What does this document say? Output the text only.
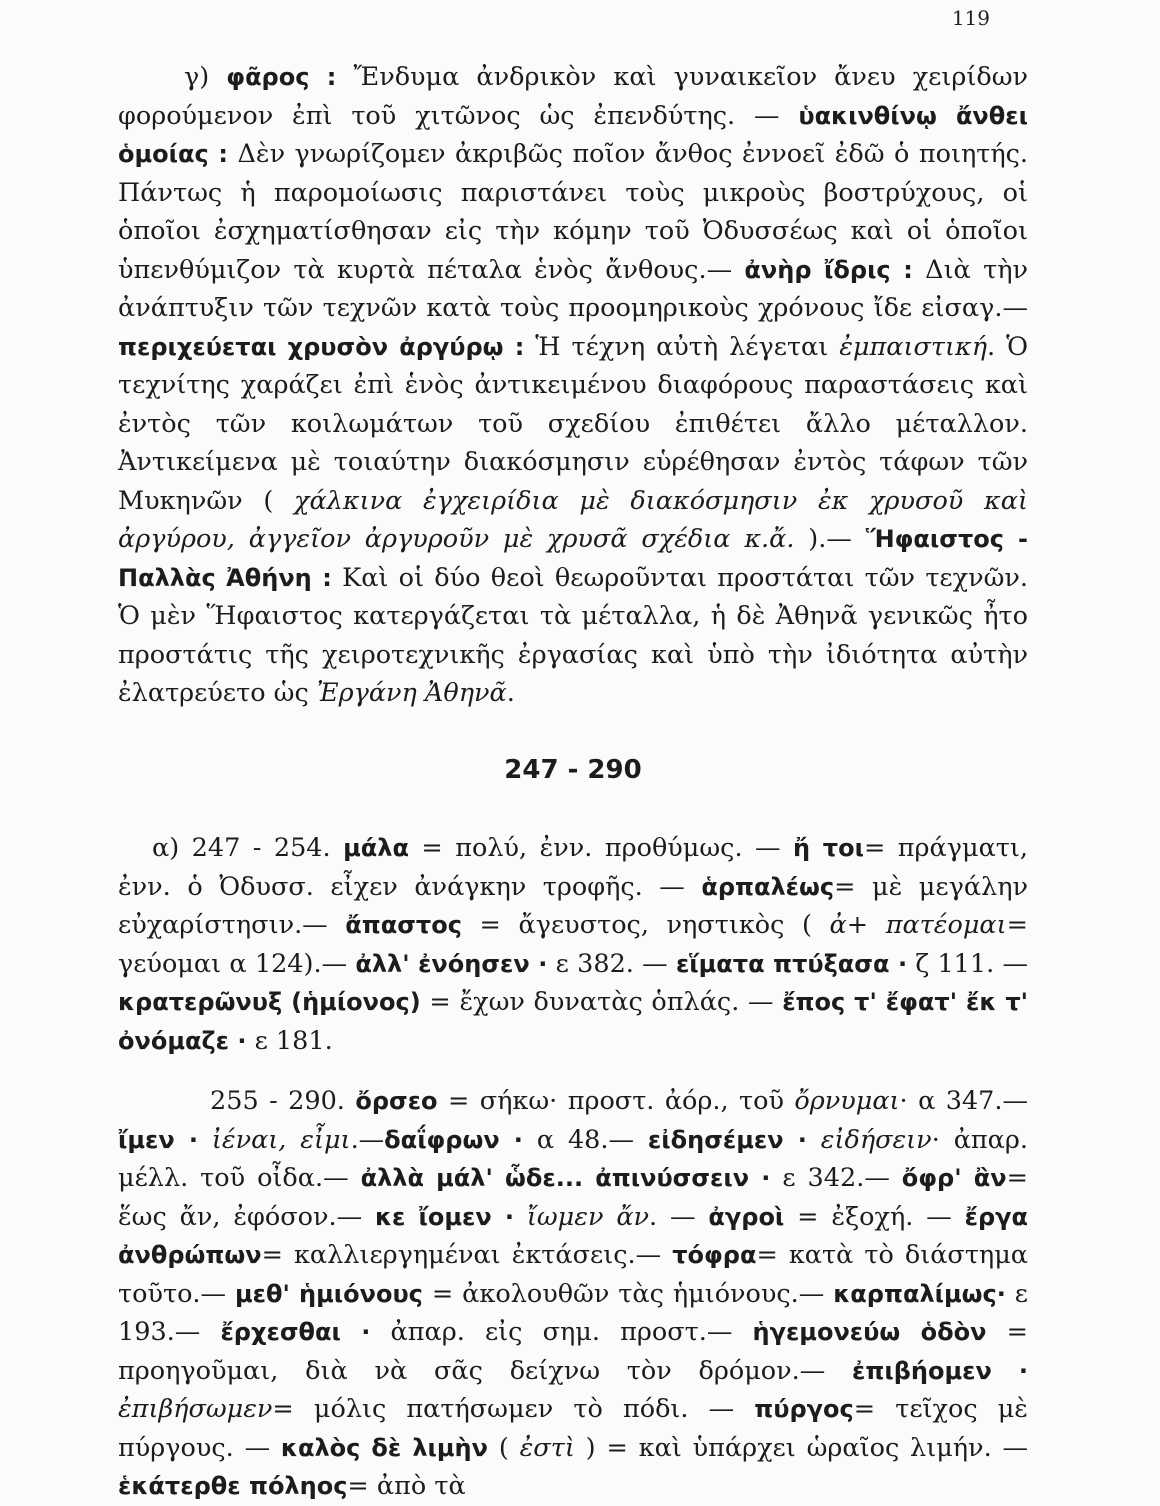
119

γ) φᾶρος : Ἔνδυμα ἀνδρικὸν καὶ γυναικεῖον ἄνευ χειρίδων φορούμενον ἐπὶ τοῦ χιτῶνος ὡς ἐπενδύτης. — ὑακινθίνῳ ἄνθει ὁμοίας : Δὲν γνωρίζομεν ἀκριβῶς ποῖον ἄνθος ἐννοεῖ ἐδῶ ὁ ποιητής. Πάντως ἡ παρομοίωσις παριστάνει τοὺς μικροὺς βοστρύχους, οἱ ὁποῖοι ἐσχηματίσθησαν εἰς τὴν κόμην τοῦ Ὀδυσσέως καὶ οἱ ὁποῖοι ὑπενθύμιζον τὰ κυρτὰ πέταλα ἑνὸς ἄνθους.— ἀνὴρ ἴδρις : Διὰ τὴν ἀνάπτυξιν τῶν τεχνῶν κατὰ τοὺς προομηρικοὺς χρόνους ἴδε εἰσαγ.—περιχεύεται χρυσὸν ἀργύρῳ : Ἡ τέχνη αὐτὴ λέγεται ἐμπαιστική. Ὁ τεχνίτης χαράζει ἐπὶ ἑνὸς ἀντικειμένου διαφόρους παραστάσεις καὶ ἐντὸς τῶν κοιλωμάτων τοῦ σχεδίου ἐπιθέτει ἄλλο μέταλλον. Ἀντικείμενα μὲ τοιαύτην διακόσμησιν εὑρέθησαν ἐντὸς τάφων τῶν Μυκηνῶν ( χάλκινα ἐγχειρίδια μὲ διακόσμησιν ἐκ χρυσοῦ καὶ ἀργύρου, ἀγγεῖον ἀργυροῦν μὲ χρυσᾶ σχέδια κ.ἄ. ).— Ἥφαιστος - Παλλὰς Ἀθήνη : Καὶ οἱ δύο θεοὶ θεωροῦνται προστάται τῶν τεχνῶν. Ὁ μὲν Ἥφαιστος κατεργάζεται τὰ μέταλλα, ἡ δὲ Ἀθηνᾶ γενικῶς ἦτο προστάτις τῆς χειροτεχνικῆς ἐργασίας καὶ ὑπὸ τὴν ἰδιότητα αὐτὴν ἐλατρεύετο ὡς Ἐργάνη Ἀθηνᾶ.

247 - 290

α) 247 - 254. μάλα = πολύ, ἐνν. προθύμως. — ἤ τοι= πράγματι, ἐνν. ὁ Ὀδυσσ. εἶχεν ἀνάγκην τροφῆς. — ἁρπαλέως= μὲ μεγάλην εὐχαρίστησιν.— ἄπαστος = ἄγευστος, νηστικὸς ( ἀ+ πατέομαι= γεύομαι α 124).— ἀλλ' ἐνόησεν · ε 382. — εἵματα πτύξασα · ζ 111. — κρατερῶνυξ (ἡμίονος) = ἔχων δυνατὰς ὁπλάς. — ἔπος τ' ἔφατ' ἔκ τ' ὀνόμαζε · ε 181.

255 - 290. ὄρσεο = σήκω· προστ. ἀόρ., τοῦ ὄρνυμαι· α 347.— ἴμεν · ἰέναι, εἶμι.—δαΐφρων · α 48.— εἰδησέμεν · εἰδήσειν· ἀπαρ. μέλλ. τοῦ οἶδα.— ἀλλὰ μάλ' ὧδε... ἀπινύσσειν · ε 342.— ὄφρ' ἂν= ἕως ἄν, ἐφόσον.— κε ἴομεν · ἴωμεν ἄν. — ἀγροὶ = ἐξοχή. — ἔργα ἀνθρώπων= καλλιεργημέναι ἐκτάσεις.— τόφρα= κατὰ τὸ διάστημα τοῦτο.— μεθ' ἡμιόνους = ἀκολουθῶν τὰς ἡμιόνους.— καρπαλίμως· ε 193.— ἔρχεσθαι · ἀπαρ. εἰς σημ. προστ.— ἡγεμονεύω ὁδὸν = προηγοῦμαι, διὰ νὰ σᾶς δείχνω τὸν δρόμον.— ἐπιβήομεν · ἐπιβήσωμεν= μόλις πατήσωμεν τὸ πόδι. — πύργος= τεῖχος μὲ πύργους. — καλὸς δὲ λιμὴν ( ἐστὶ ) = καὶ ὑπάρχει ὡραῖος λιμήν. — ἑκάτερθε πόληος= ἀπὸ τὰ
